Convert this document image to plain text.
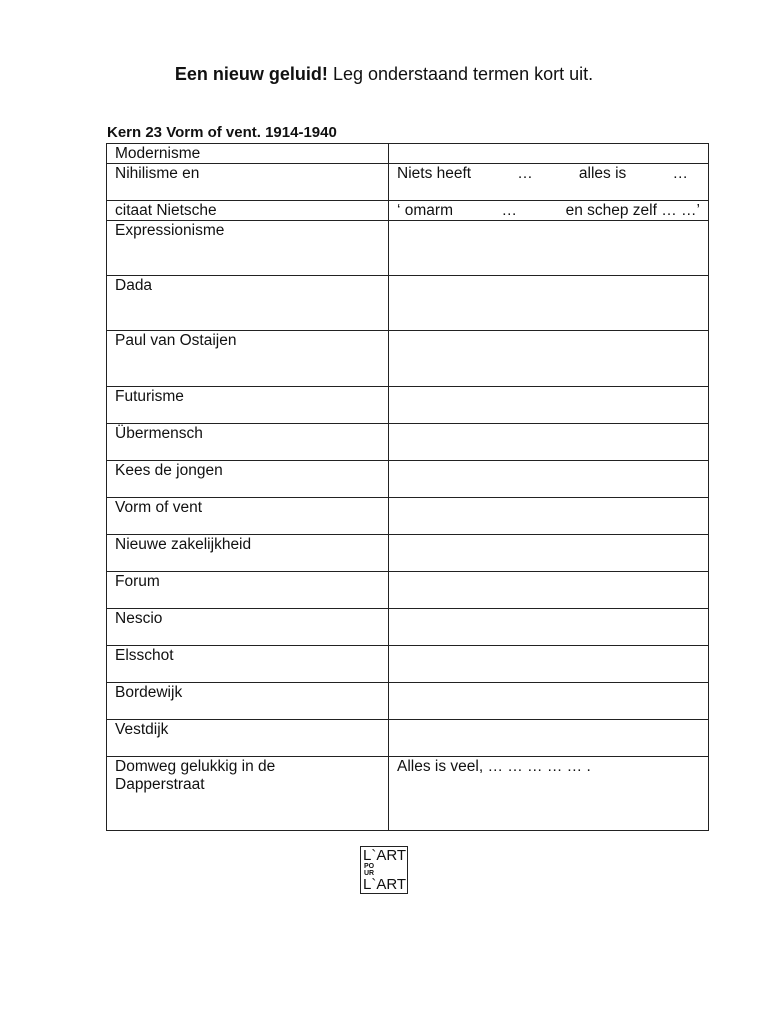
Een nieuw geluid! Leg onderstaand termen kort uit.
Kern 23 Vorm of vent. 1914-1940
Modernisme	
Nihilisme en	Niets heeft … alles is …

citaat Nietsche	‘ omarm … en schep zelf … …’

Expressionisme	
Dada	
Paul van Ostaijen	
Futurisme	
Übermensch	
Kees de jongen	
Vorm of vent	
Nieuwe zakelijkheid	
Forum	
Nescio	
Elsschot	
Bordewijk	
Vestdijk	
Domweg gelukkig in de Dapperstraat	Alles is veel, … … … … … .
L`ART
PO
UR
L`ART
